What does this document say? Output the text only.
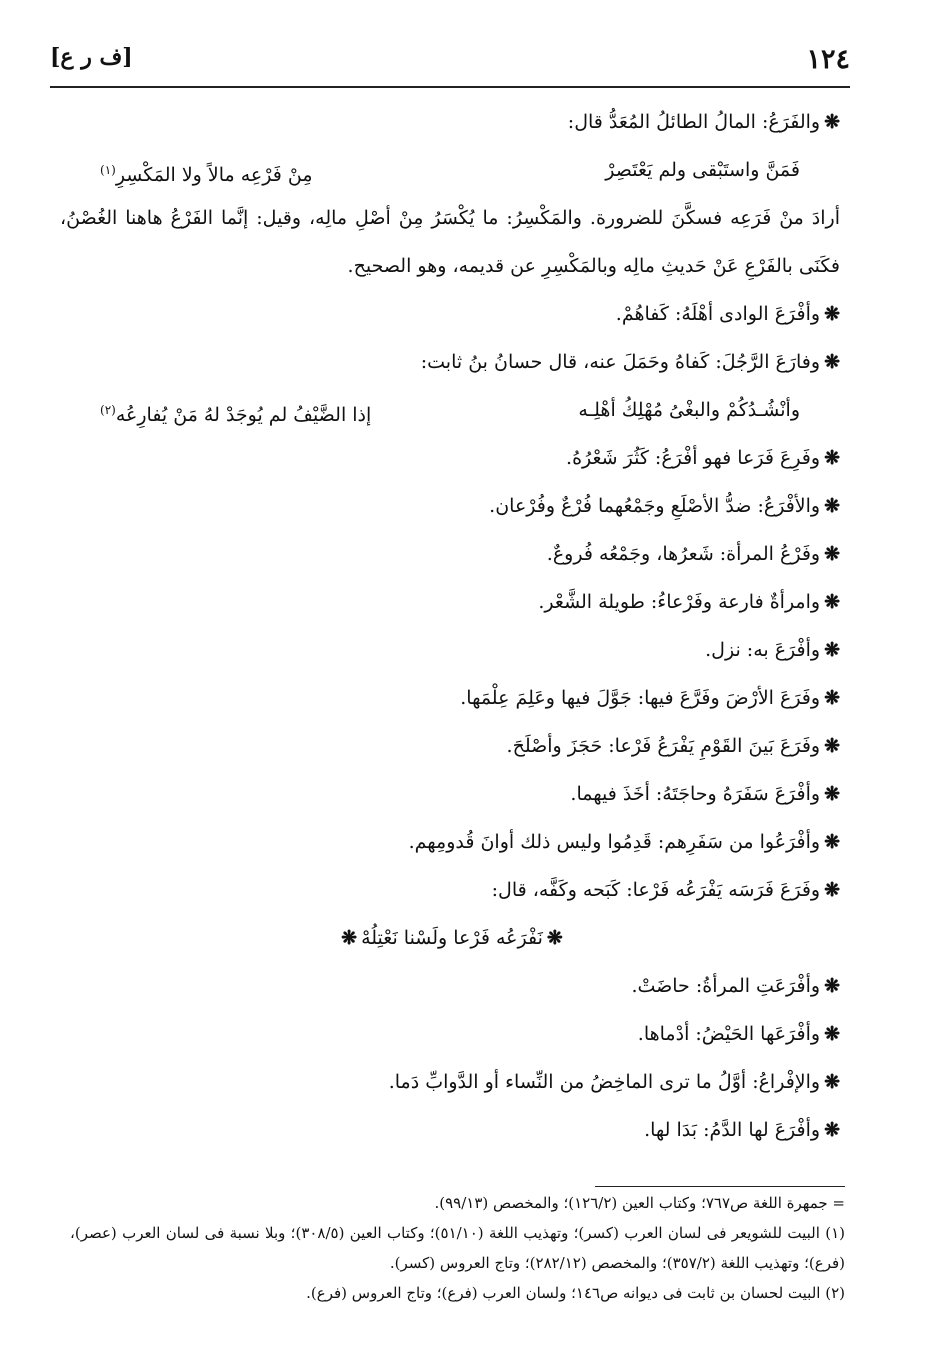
١٢٤
[ف ر ع]
❋والفَرَعُ: المالُ الطائلُ المُعَدُّ قال:
فَمَنَّ واستَبْقى ولم يَعْتَصِرْ
مِنْ فَرْعِه مالاً ولا المَكْسِرِ(١)
أرادَ منْ فَرَعِه فسكَّنَ للضرورة. والمَكْسِرُ: ما يُكْسَرُ مِنْ أصْلِ مالِه، وقيل: إنَّما الفَرْعُ هاهنا الغُصْنُ، فكَنَى بالفَرْعِ عَنْ حَديثِ مالِه وبالمَكْسِرِ عن قديمه، وهو الصحيح.
❋وأفْرَعَ الوادى أهْلَهُ: كَفاهُمْ.
❋وفارَعَ الرَّجُلَ: كَفاهُ وحَمَلَ عنه، قال حسانُ بنُ ثابت:
وأنْشُـدُكُمْ والبغْىُ مُهْلِكُ أهْلِـه
إذا الضَّيْفُ لم يُوجَدْ لهُ مَنْ يُفارِعُه(٢)
❋وفَرِعَ فَرَعا فهو أفْرَعُ: كَثُرَ شَعْرُهُ.
❋والأفْرَعُ: ضدُّ الأصْلَعِ وجَمْعُهما فُرْعٌ وفُرْعان.
❋وفَرْعُ المرأة: شَعرُها، وجَمْعُه فُروعٌ.
❋وامرأةٌ فارعة وفَرْعاءُ: طويلة الشَّعْر.
❋وأفْرَعَ به: نزل.
❋وفَرَعَ الأرْضَ وفَرَّعَ فيها: جَوَّلَ فيها وعَلِمَ عِلْمَها.
❋وفَرَعَ بَينَ القَوْمِ يَفْرَعُ فَرْعا: حَجَزَ وأصْلَحَ.
❋وأفْرَعَ سَفَرَهُ وحاجَتَهُ: أخَذَ فيهما.
❋وأفْرَعُوا من سَفَرِهم: قَدِمُوا وليس ذلك أوانَ قُدومِهم.
❋وفَرَعَ فَرَسَه يَفْرَعُه فَرْعا: كَبَحه وكَفَّه، قال:
❋نَفْرَعُه فَرْعا ولَسْنا نَعْتِلُهْ❋
❋وأفْرَعَتِ المرأةُ: حاضَتْ.
❋وأفْرَعَها الحَيْضُ: أدْماها.
❋والإفْراعُ: أوَّلُ ما ترى الماخِضُ من النِّساء أو الدَّوابِّ دَما.
❋وأفْرَعَ لها الدَّمُ: بَدَا لها.
= جمهرة اللغة ص٧٦٧؛ وكتاب العين (١٢٦/٢)؛ والمخصص (٩٩/١٣).
(١) البيت للشويعر فى لسان العرب (كسر)؛ وتهذيب اللغة (٥١/١٠)؛ وكتاب العين (٣٠٨/٥)؛ وبلا نسبة فى لسان العرب (عصر)، (فرع)؛ وتهذيب اللغة (٣٥٧/٢)؛ والمخصص (٢٨٢/١٢)؛ وتاج العروس (كسر).
(٢) البيت لحسان بن ثابت فى ديوانه ص١٤٦؛ ولسان العرب (فرع)؛ وتاج العروس (فرع).
